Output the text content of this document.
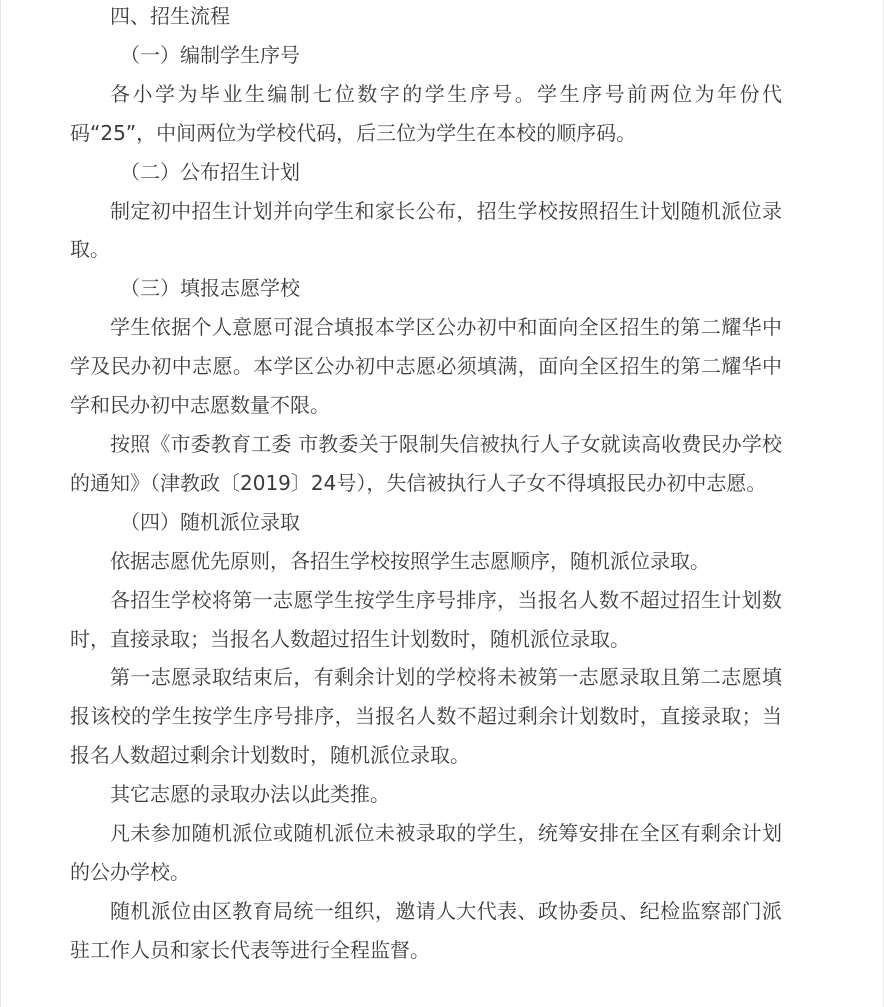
四、招生流程

（一）编制学生序号

各小学为毕业生编制七位数字的学生序号。学生序号前两位为年份代码“25”，中间两位为学校代码，后三位为学生在本校的顺序码。

（二）公布招生计划

制定初中招生计划并向学生和家长公布，招生学校按照招生计划随机派位录取。

（三）填报志愿学校

学生依据个人意愿可混合填报本学区公办初中和面向全区招生的第二耀华中学及民办初中志愿。本学区公办初中志愿必须填满，面向全区招生的第二耀华中学和民办初中志愿数量不限。

按照《市委教育工委 市教委关于限制失信被执行人子女就读高收费民办学校的通知》（津教政〔2019〕24号），失信被执行人子女不得填报民办初中志愿。

（四）随机派位录取

依据志愿优先原则，各招生学校按照学生志愿顺序，随机派位录取。

各招生学校将第一志愿学生按学生序号排序，当报名人数不超过招生计划数时，直接录取；当报名人数超过招生计划数时，随机派位录取。

第一志愿录取结束后，有剩余计划的学校将未被第一志愿录取且第二志愿填报该校的学生按学生序号排序，当报名人数不超过剩余计划数时，直接录取；当报名人数超过剩余计划数时，随机派位录取。

其它志愿的录取办法以此类推。

凡未参加随机派位或随机派位未被录取的学生，统筹安排在全区有剩余计划的公办学校。

随机派位由区教育局统一组织，邀请人大代表、政协委员、纪检监察部门派驻工作人员和家长代表等进行全程监督。
